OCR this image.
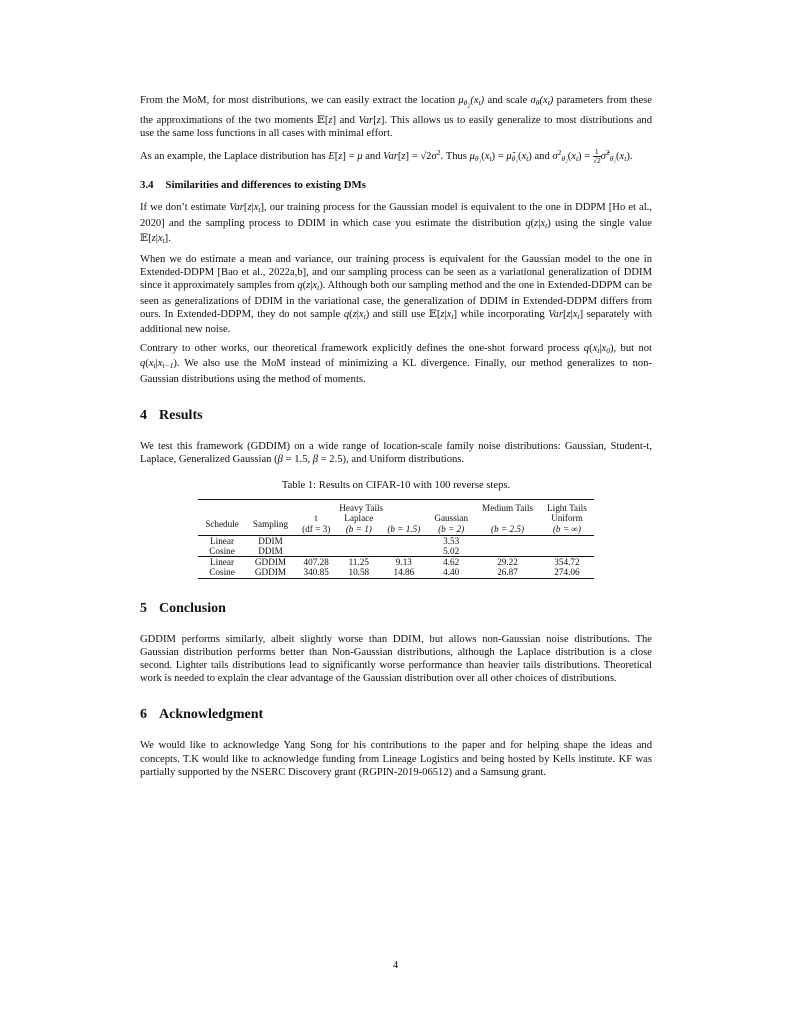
From the MoM, for most distributions, we can easily extract the location $\mu_{\theta_2}(x_t)$ and scale $\sigma_\theta(x_t)$ parameters from these the approximations of the two moments 𝔼[z] and Var[z]. This allows us to easily generalize to most distributions and use the same loss functions in all cases with minimal effort.

As an example, the Laplace distribution has E[z] = μ and $Var[z] = √2\sigma^2$. Thus $\mu_{\theta_1}(x_t)$ = $\mũ_{\theta_1}(x_t)$ and $\sigma^2_{\theta_2}(x_t) = \frac{1}{√2}$ $\sigmã^2_{\theta_1}(x_t)$.

3.4 Similarities and differences to existing DMs

If we don’t estimate $Var[z|x_t]$, our training process for the Gaussian model is equivalent to the one in DDPM [Ho et al., 2020] and the sampling process to DDIM in which case you estimate the distribution $q(z|x_t)$ using the single value $𝔼[z|x_t]$.

When we do estimate a mean and variance, our training process is equivalent for the Gaussian model to the one in Extended-DDPM [Bao et al., 2022a,b], and our sampling process can be seen as a variational generalization of DDIM since it approximately samples from $q(z|x_t)$. Although both our sampling method and the one in Extended-DDPM can be seen as generalizations of DDIM in the variational case, the generalization of DDIM in Extended-DDPM differs from ours. In Extended-DDPM, they do not sample $q(z|x_t)$ and still use $𝔼[z|x_t]$ while incorporating $Var[z|x_t]$ separately with additional new noise.

Contrary to other works, our theoretical framework explicitly defines the one-shot forward process $q(x_t|x_0)$, but not $q(x_t|x_{t-1})$. We also use the MoM instead of minimizing a KL divergence. Finally, our method generalizes to non-Gaussian distributions using the method of moments.

4 Results

We test this framework (GDDIM) on a wide range of location-scale family noise distributions: Gaussian, Student-t, Laplace, Generalized Gaussian (β = 1.5, β = 2.5), and Uniform distributions.

Table 1: Results on CIFAR-10 with 100 reverse steps.
		Heavy Tails				Medium Tails	Light Tails
		t	Laplace		Gaussian		Uniform
Schedule	Sampling	(df = 3)	(b = 1)	(b = 1.5)	(b = 2)	(b = 2.5)	(b = ∞)
Linear	DDIM				3.53		
Cosine	DDIM				5.02		
Linear	GDDIM	407.28	11.25	9.13	4.62	29.22	354.72
Cosine	GDDIM	340.85	10.58	14.86	4.40	26.87	274.06
5 Conclusion

GDDIM performs similarly, albeit slightly worse than DDIM, but allows non-Gaussian noise distributions. The Gaussian distribution performs better than Non-Gaussian distributions, although the Laplace distribution is a close second. Lighter tails distributions lead to significantly worse performance than heavier tails distributions. Theoretical work is needed to explain the clear advantage of the Gaussian distribution over all other choices of distributions.

6 Acknowledgment

We would like to acknowledge Yang Song for his contributions to the paper and for helping shape the ideas and concepts. T.K would like to acknowledge funding from Lineage Logistics and being hosted by Kells institute. KF was partially supported by the NSERC Discovery grant (RGPIN-2019-06512) and a Samsung grant.

4
